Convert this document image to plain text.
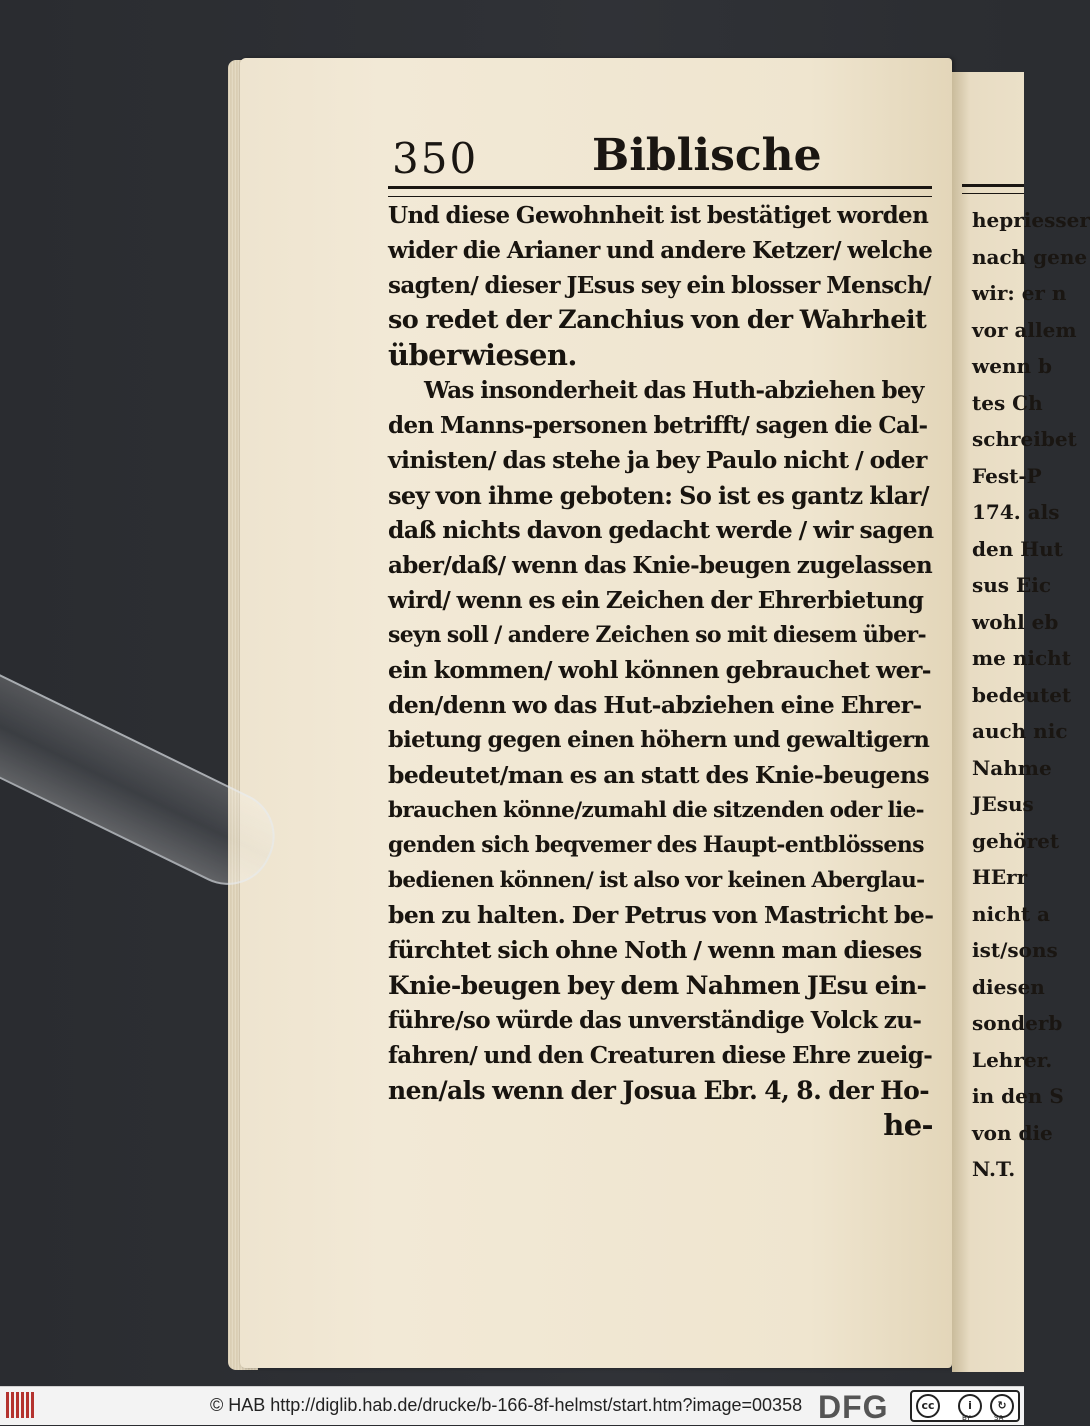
hepriesser
nach gene
wir: er n
vor allem
wenn b
tes Ch
schreibet
Fest-P
174. als
den Hut
sus Eic
wohl eb
me nicht
bedeutet
auch nic
Nahme
JEsus
gehöret
HErr
nicht a
ist/sons
diesen
sonderb
Lehrer.
in den S
von die
N.T.
350	Biblische
Und diese Gewohnheit ist bestätiget worden
wider die Arianer und andere Ketzer/ welche
sagten/ dieser JEsus sey ein blosser Mensch/
so redet der Zanchius von der Wahrheit
überwiesen.
Was insonderheit das Huth-abziehen bey
den Manns-personen betrifft/ sagen die Cal-
vinisten/ das stehe ja bey Paulo nicht / oder
sey von ihme geboten: So ist es gantz klar/
daß nichts davon gedacht werde / wir sagen
aber/daß/ wenn das Knie-beugen zugelassen
wird/ wenn es ein Zeichen der Ehrerbietung
seyn soll / andere Zeichen so mit diesem über-
ein kommen/ wohl können gebrauchet wer-
den/denn wo das Hut-abziehen eine Ehrer-
bietung gegen einen höhern und gewaltigern
bedeutet/man es an statt des Knie-beugens
brauchen könne/zumahl die sitzenden oder lie-
genden sich beqvemer des Haupt-entblössens
bedienen können/ ist also vor keinen Aberglau-
ben zu halten. Der Petrus von Mastricht be-
fürchtet sich ohne Noth / wenn man dieses
Knie-beugen bey dem Nahmen JEsu ein-
führe/so würde das unverständige Volck zu-
fahren/ und den Creaturen diese Ehre zueig-
nen/als wenn der Josua Ebr. 4, 8. der Ho-
he-
© HAB http://diglib.hab.de/drucke/b-166-8f-helmst/start.htm?image=00358 DFG	cc	i	↻
BY	SA
